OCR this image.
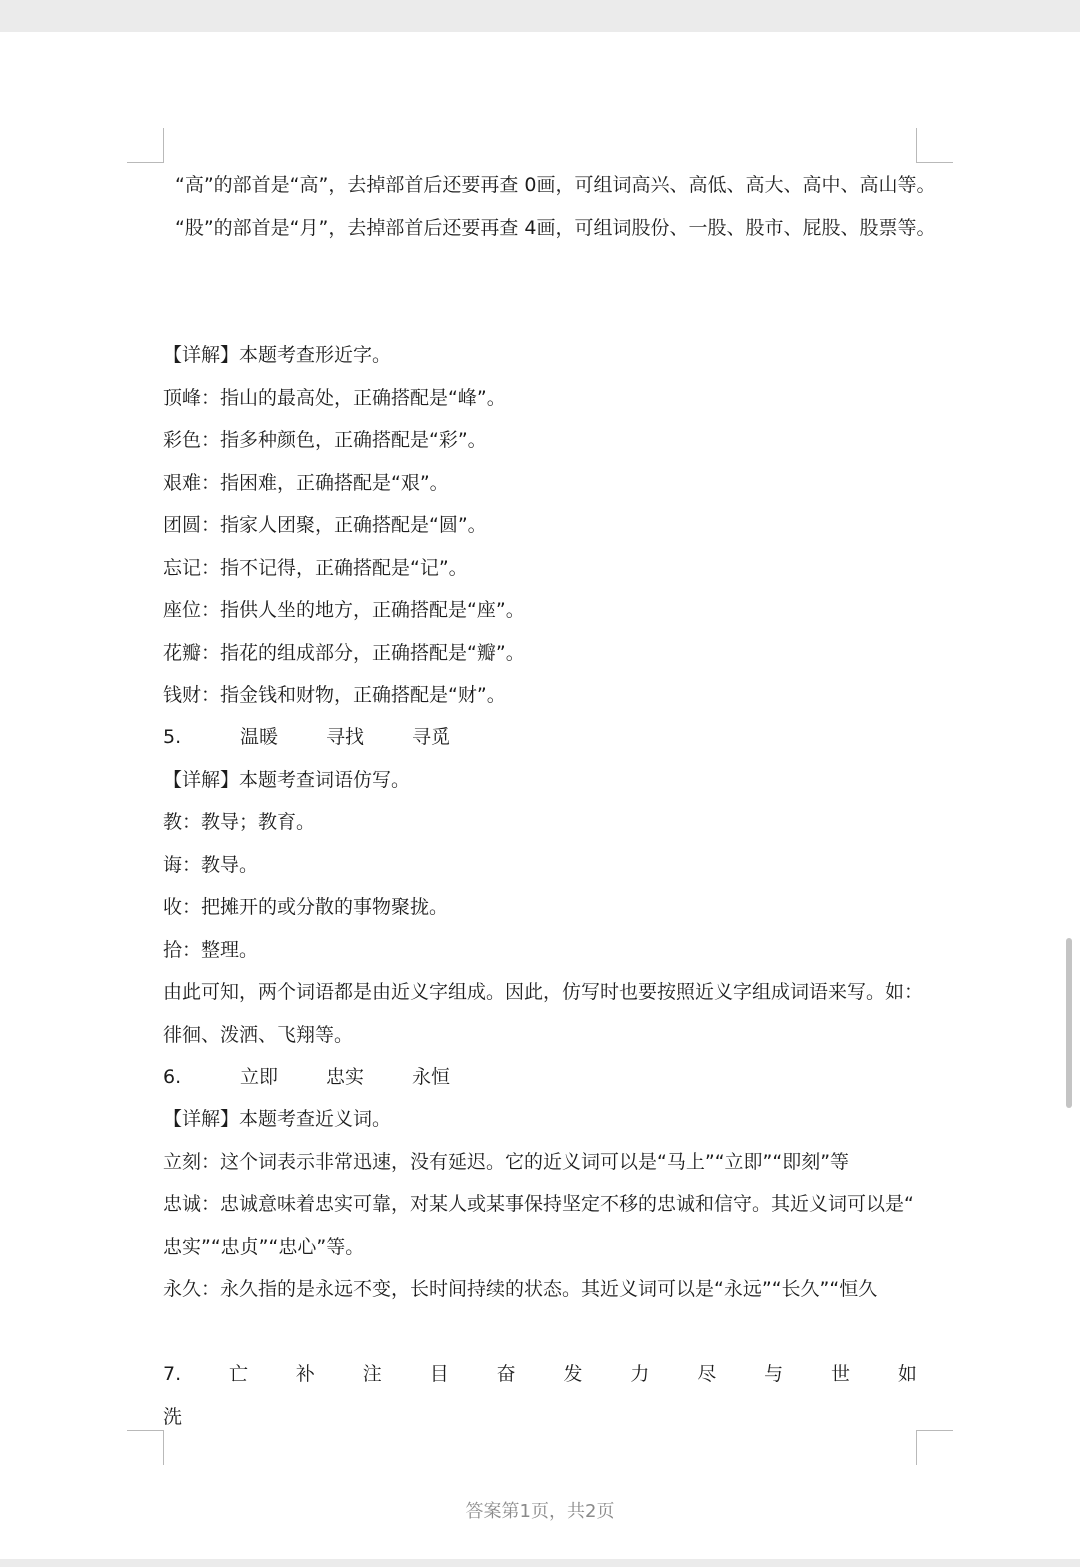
“高”的部首是“高”，去掉部首后还要再查 0画，可组词高兴、高低、高大、高中、高山等。
“股”的部首是“月”，去掉部首后还要再查 4画，可组词股份、一股、股市、屁股、股票等。
【详解】本题考查形近字。
顶峰：指山的最高处，正确搭配是“峰”。
彩色：指多种颜色，正确搭配是“彩”。
艰难：指困难，正确搭配是“艰”。
团圆：指家人团聚，正确搭配是“圆”。
忘记：指不记得，正确搭配是“记”。
座位：指供人坐的地方，正确搭配是“座”。
花瓣：指花的组成部分，正确搭配是“瓣”。
钱财：指金钱和财物，正确搭配是“财”。
5.	温暖	寻找	寻觅
【详解】本题考查词语仿写。
教：教导；教育。
诲：教导。
收：把摊开的或分散的事物聚拢。
拾：整理。
由此可知，两个词语都是由近义字组成。因此，仿写时也要按照近义字组成词语来写。如：
徘徊、泼洒、飞翔等。
6.	立即	忠实	永恒
【详解】本题考查近义词。
立刻：这个词表示非常迅速，没有延迟。它的近义词可以是“马上”“立即”“即刻”等
忠诚：忠诚意味着忠实可靠，对某人或某事保持坚定不移的忠诚和信守。其近义词可以是“
忠实”“忠贞”“忠心”等。
永久：永久指的是永远不变，长时间持续的状态。其近义词可以是“永远”“长久”“恒久
7.	亡	补	注	目	奋	发	力	尽	与	世	如
洗
答案第1页，共2页
